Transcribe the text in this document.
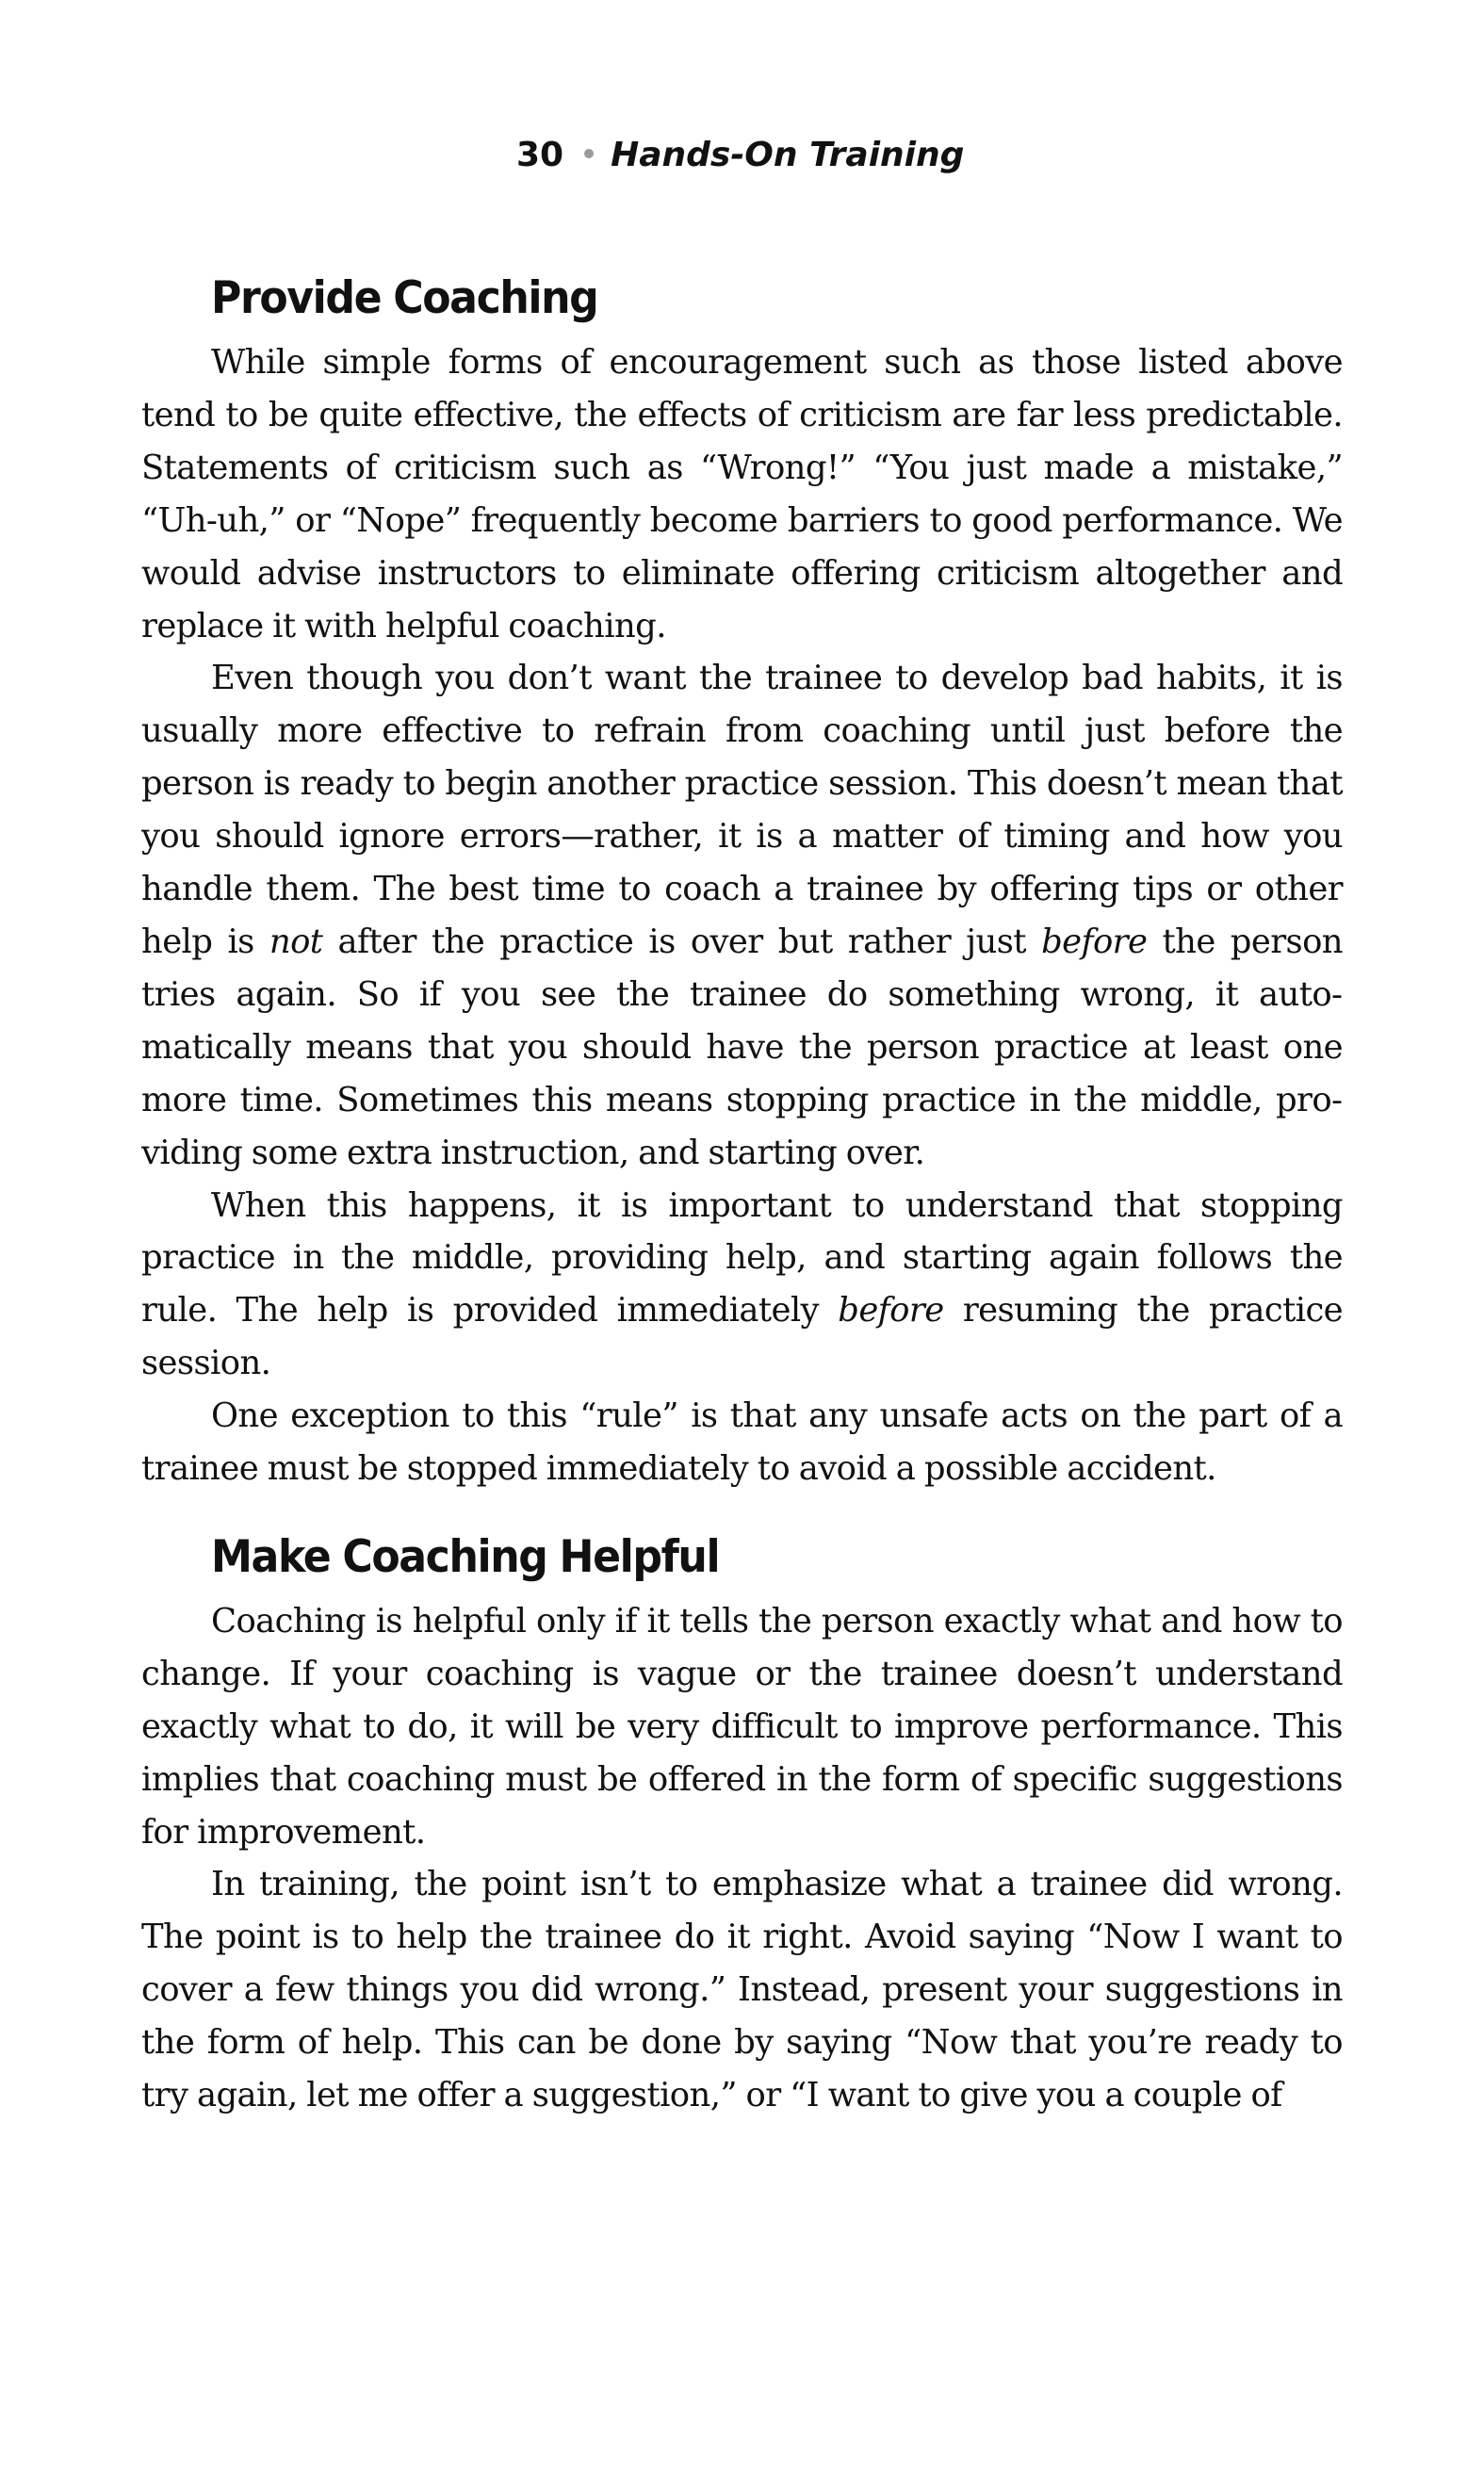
30 Hands-On Training
Provide Coaching

While simple forms of encouragement such as those listed above tend to be quite effective, the effects of criticism are far less predictable. Statements of criticism such as “Wrong!” “You just made a mistake,” “Uh-uh,” or “Nope” frequently become barriers to good performance. We would advise instructors to eliminate offering criticism altogether and replace it with helpful coaching.

Even though you don’t want the trainee to develop bad habits, it is usually more effective to refrain from coaching until just before the person is ready to begin another practice session. This doesn’t mean that you should ignore errors—rather, it is a matter of timing and how you handle them. The best time to coach a trainee by offering tips or other help is not after the practice is over but rather just before the person tries again. So if you see the trainee do something wrong, it automatically means that you should have the person practice at least one more time. Sometimes this means stopping practice in the middle, providing some extra instruction, and starting over.

When this happens, it is important to understand that stopping practice in the middle, providing help, and starting again follows the rule. The help is provided immediately before resuming the practice session.

One exception to this “rule” is that any unsafe acts on the part of a trainee must be stopped immediately to avoid a possible accident.

Make Coaching Helpful

Coaching is helpful only if it tells the person exactly what and how to change. If your coaching is vague or the trainee doesn’t understand exactly what to do, it will be very difficult to improve performance. This implies that coaching must be offered in the form of specific suggestions for improvement.

In training, the point isn’t to emphasize what a trainee did wrong. The point is to help the trainee do it right. Avoid saying “Now I want to cover a few things you did wrong.” Instead, present your suggestions in the form of help. This can be done by saying “Now that you’re ready to try again, let me offer a suggestion,” or “I want to give you a couple of
